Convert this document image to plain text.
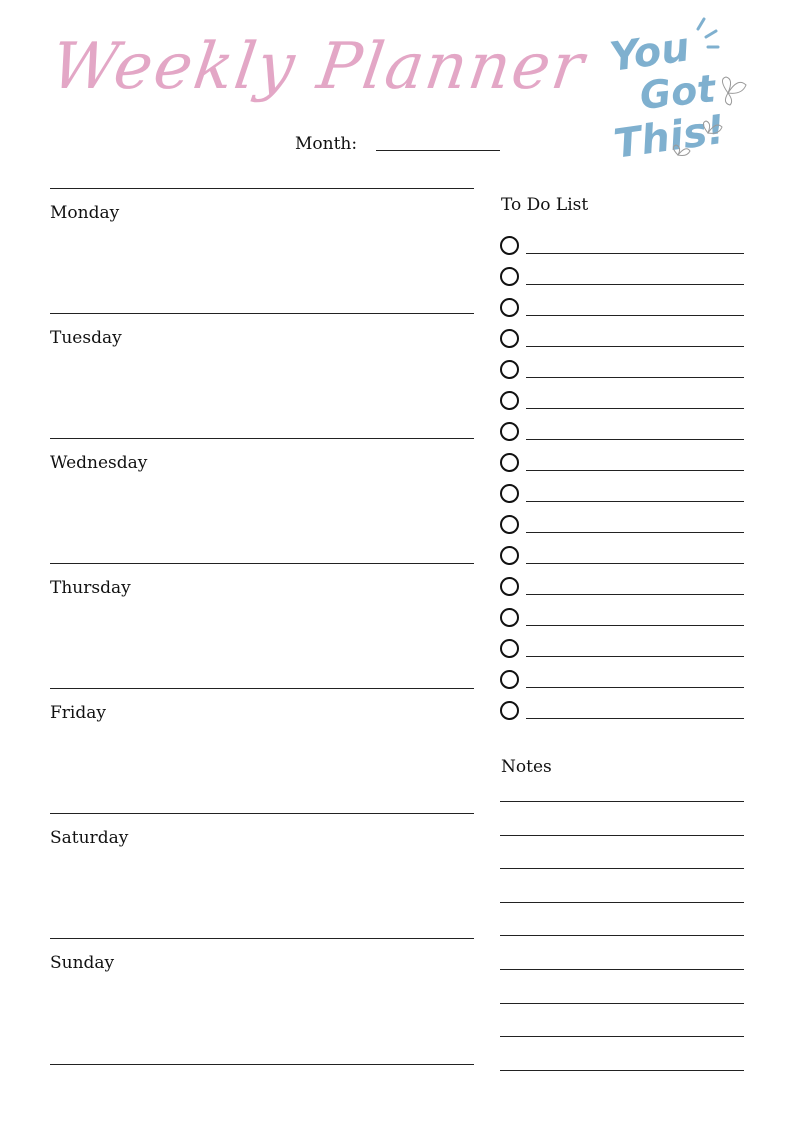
Weekly Planner You
Got
This!
Month:
Monday
Tuesday
Wednesday
Thursday
Friday
Saturday
Sunday
To Do List
Notes
